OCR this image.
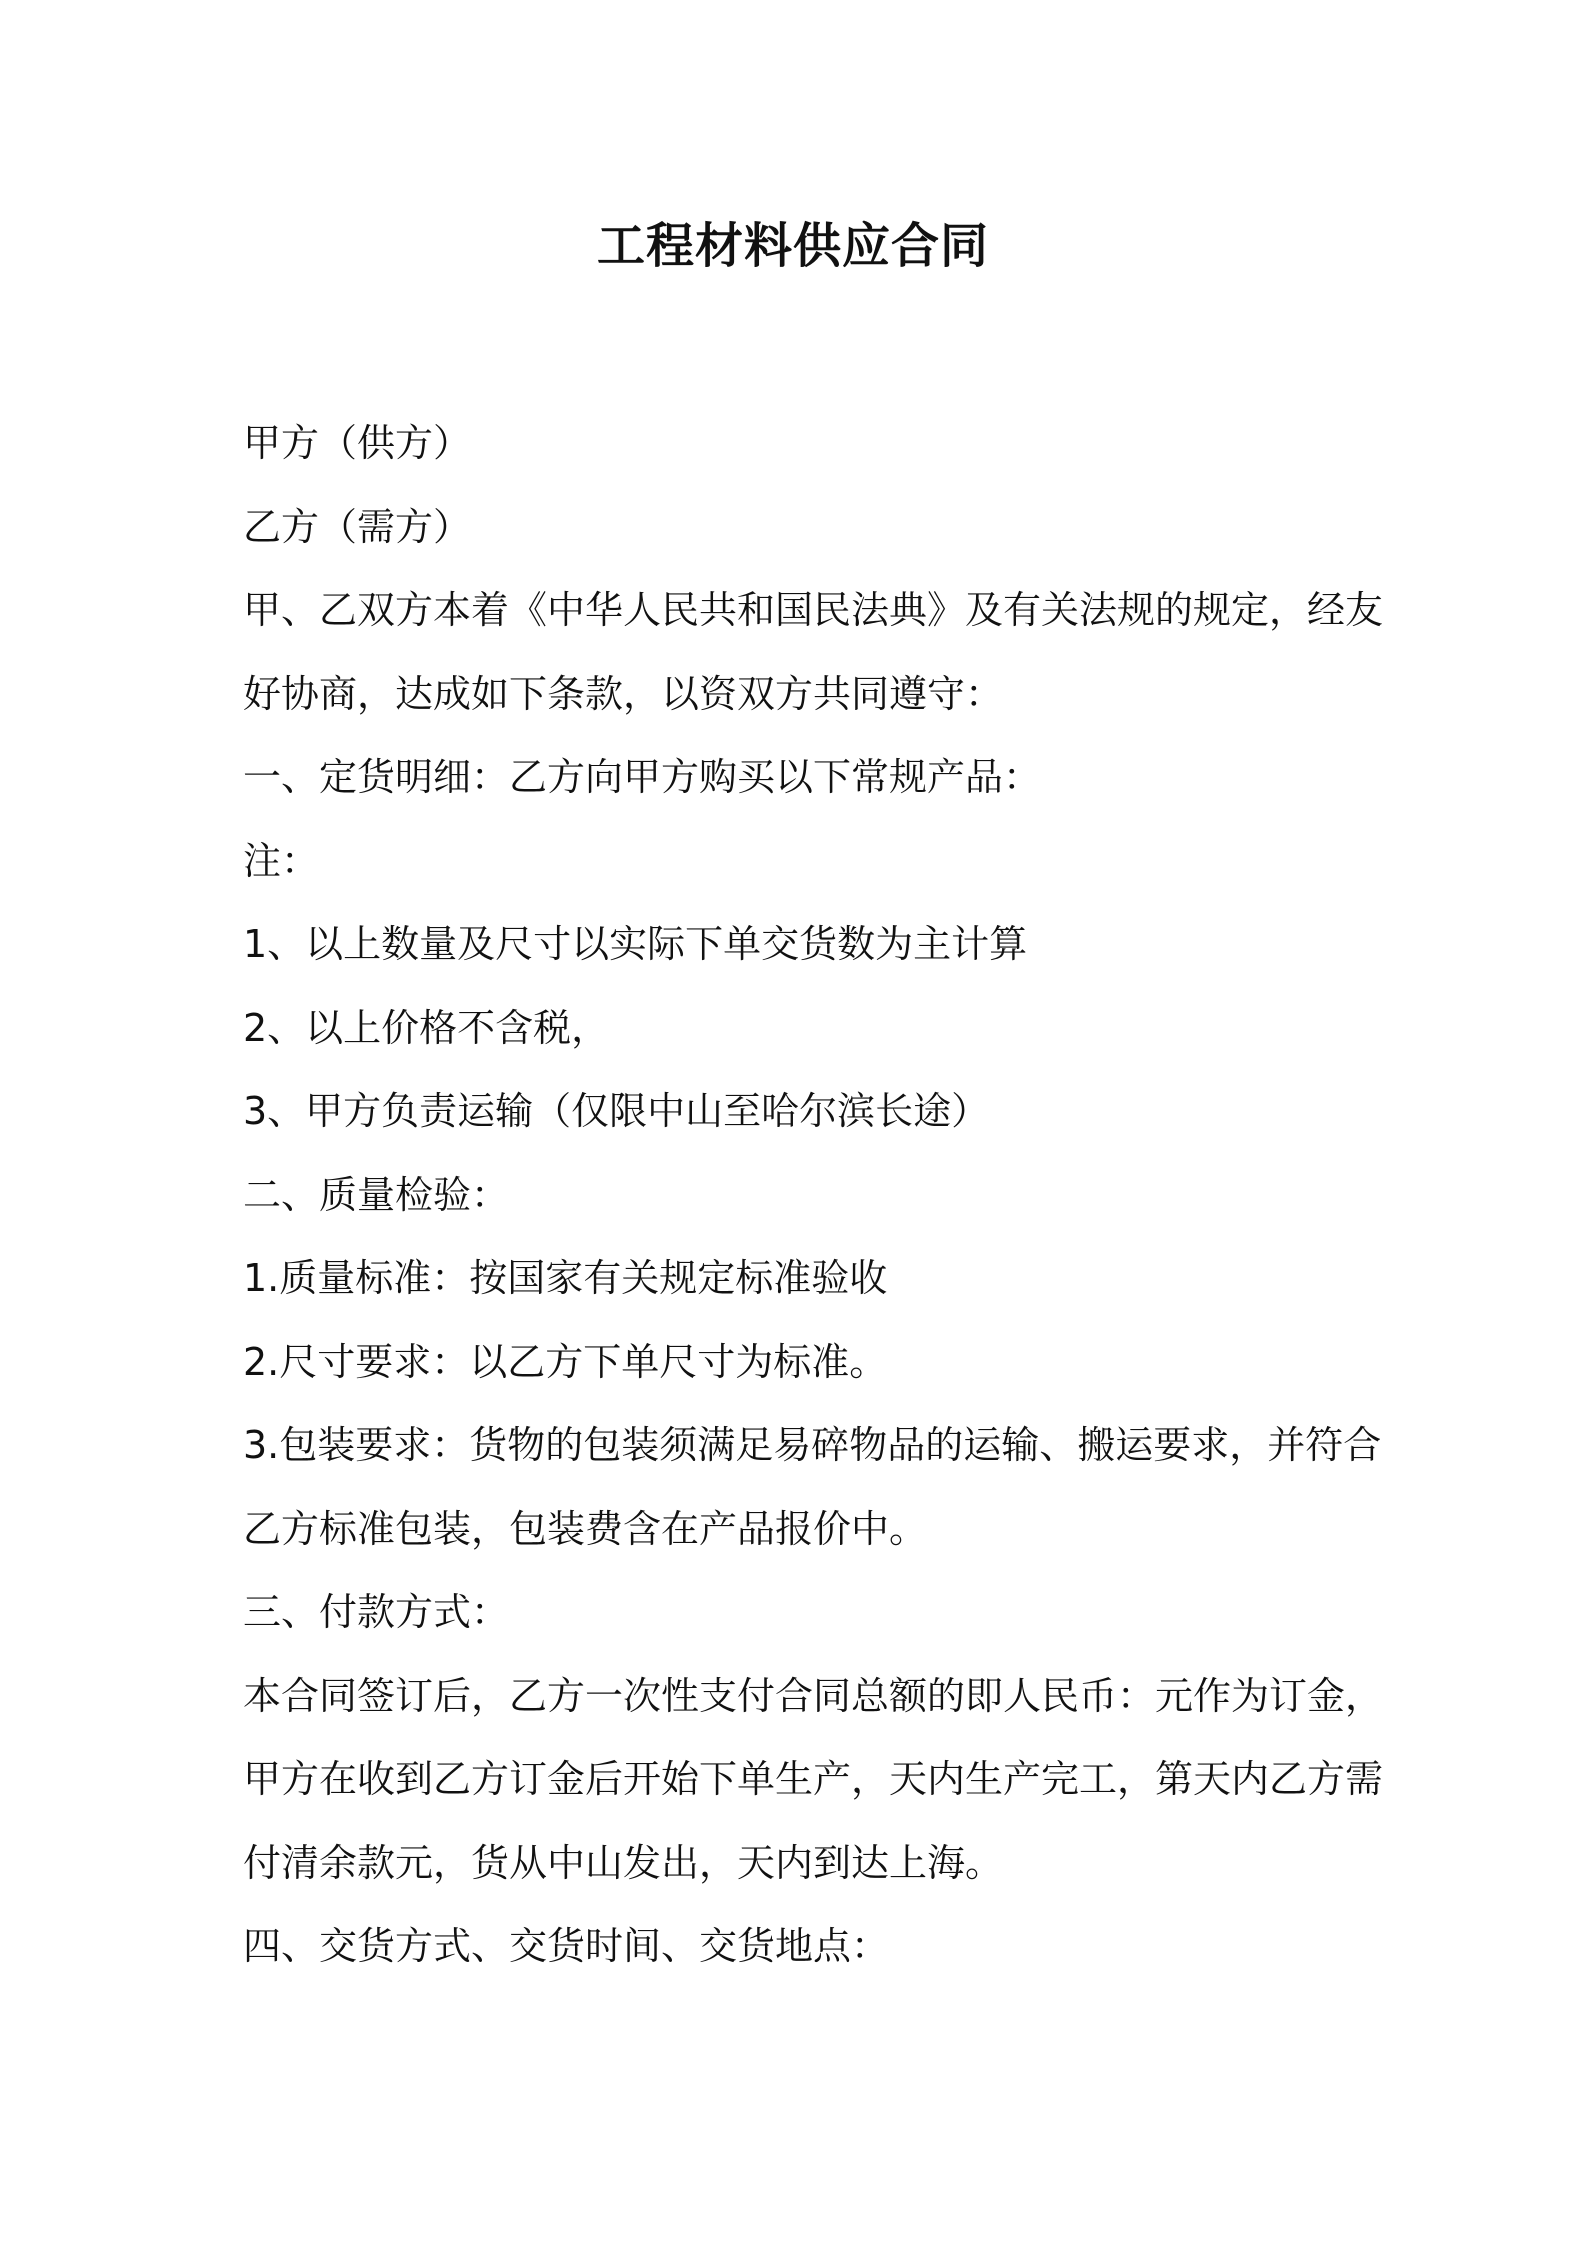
工程材料供应合同

甲方（供方）

乙方（需方）

甲、乙双方本着《中华人民共和国民法典》及有关法规的规定，经友

好协商，达成如下条款，以资双方共同遵守：

一、定货明细：乙方向甲方购买以下常规产品：

注：

1、以上数量及尺寸以实际下单交货数为主计算

2、以上价格不含税，

3、甲方负责运输（仅限中山至哈尔滨长途）

二、质量检验：

1.质量标准：按国家有关规定标准验收

2.尺寸要求：以乙方下单尺寸为标准。

3.包装要求：货物的包装须满足易碎物品的运输、搬运要求，并符合

乙方标准包装，包装费含在产品报价中。

三、付款方式：

本合同签订后，乙方一次性支付合同总额的即人民币：元作为订金，

甲方在收到乙方订金后开始下单生产，天内生产完工，第天内乙方需

付清余款元，货从中山发出，天内到达上海。

四、交货方式、交货时间、交货地点：
